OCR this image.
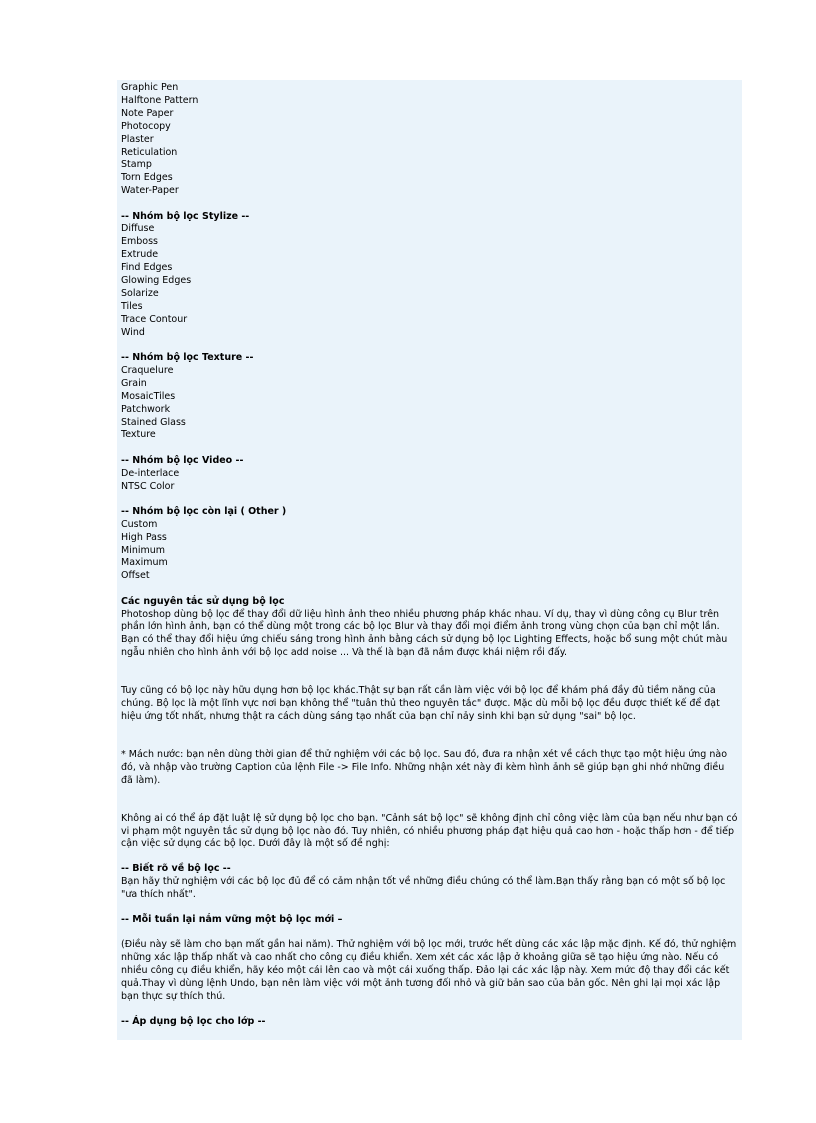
Graphic Pen
Halftone Pattern
Note Paper
Photocopy
Plaster
Reticulation
Stamp
Torn Edges
Water-Paper
-- Nhóm bộ lọc Stylize --
Diffuse
Emboss
Extrude
Find Edges
Glowing Edges
Solarize
Tiles
Trace Contour
Wind
-- Nhóm bộ lọc Texture --
Craquelure
Grain
MosaicTiles
Patchwork
Stained Glass
Texture
-- Nhóm bộ lọc Video --
De-interlace
NTSC Color
-- Nhóm bộ lọc còn lại ( Other )
Custom
High Pass
Minimum
Maximum
Offset
Các nguyên tắc sử dụng bộ lọc

Photoshop dùng bộ lọc để thay đổi dữ liệu hình ảnh theo nhiều phương pháp khác nhau. Ví dụ, thay vì dùng công cụ Blur trên phần lớn hình ảnh, bạn có thể dùng một trong các bộ lọc Blur và thay đổi mọi điểm ảnh trong vùng chọn của bạn chỉ một lần. Bạn có thể thay đổi hiệu ứng chiếu sáng trong hình ảnh bằng cách sử dụng bộ lọc Lighting Effects, hoặc bổ sung một chút màu ngẫu nhiên cho hình ảnh với bộ lọc add noise ... Và thế là bạn đã nắm được khái niệm rồi đấy.

Tuy cũng có bộ lọc này hữu dụng hơn bộ lọc khác.Thật sự bạn rất cần làm việc với bộ lọc để khám phá đầy đủ tiềm năng của chúng. Bộ lọc là một lĩnh vực nơi bạn không thể "tuân thủ theo nguyên tắc" được. Mặc dù mỗi bộ lọc đều được thiết kế để đạt hiệu ứng tốt nhất, nhưng thật ra cách dùng sáng tạo nhất của bạn chỉ nảy sinh khi bạn sử dụng "sai" bộ lọc.

* Mách nước: bạn nên dùng thời gian để thử nghiệm với các bộ lọc. Sau đó, đưa ra nhận xét về cách thực tạo một hiệu ứng nào đó, và nhập vào trường Caption của lệnh File -> File Info. Những nhận xét này đi kèm hình ảnh sẽ giúp bạn ghi nhớ những điều đã làm).

Không ai có thể áp đặt luật lệ sử dụng bộ lọc cho bạn. "Cảnh sát bộ lọc" sẽ không định chỉ công việc làm của bạn nếu như bạn có vi phạm một nguyên tắc sử dụng bộ lọc nào đó. Tuy nhiên, có nhiều phương pháp đạt hiệu quả cao hơn - hoặc thấp hơn - để tiếp cận việc sử dụng các bộ lọc. Dưới đây là một số đề nghị:

-- Biết rõ về bộ lọc --

Bạn hãy thử nghiệm với các bộ lọc đủ để có cảm nhận tốt về những điều chúng có thể làm.Bạn thấy rằng bạn có một số bộ lọc "ưa thích nhất".

-- Mỗi tuần lại nắm vững một bộ lọc mới –

(Điều này sẽ làm cho bạn mất gần hai năm). Thử nghiệm với bộ lọc mới, trước hết dùng các xác lập mặc định. Kế đó, thử nghiệm những xác lập thấp nhất và cao nhất cho công cụ điều khiển. Xem xét các xác lập ở khoảng giữa sẽ tạo hiệu ứng nào. Nếu có nhiều công cụ điều khiển, hãy kéo một cái lên cao và một cái xuống thấp. Đảo lại các xác lập này. Xem mức độ thay đổi các kết quả.Thay vì dùng lệnh Undo, bạn nên làm việc với một ảnh tương đối nhỏ và giữ bản sao của bản gốc. Nên ghi lại mọi xác lập bạn thực sự thích thú.

-- Áp dụng bộ lọc cho lớp --
